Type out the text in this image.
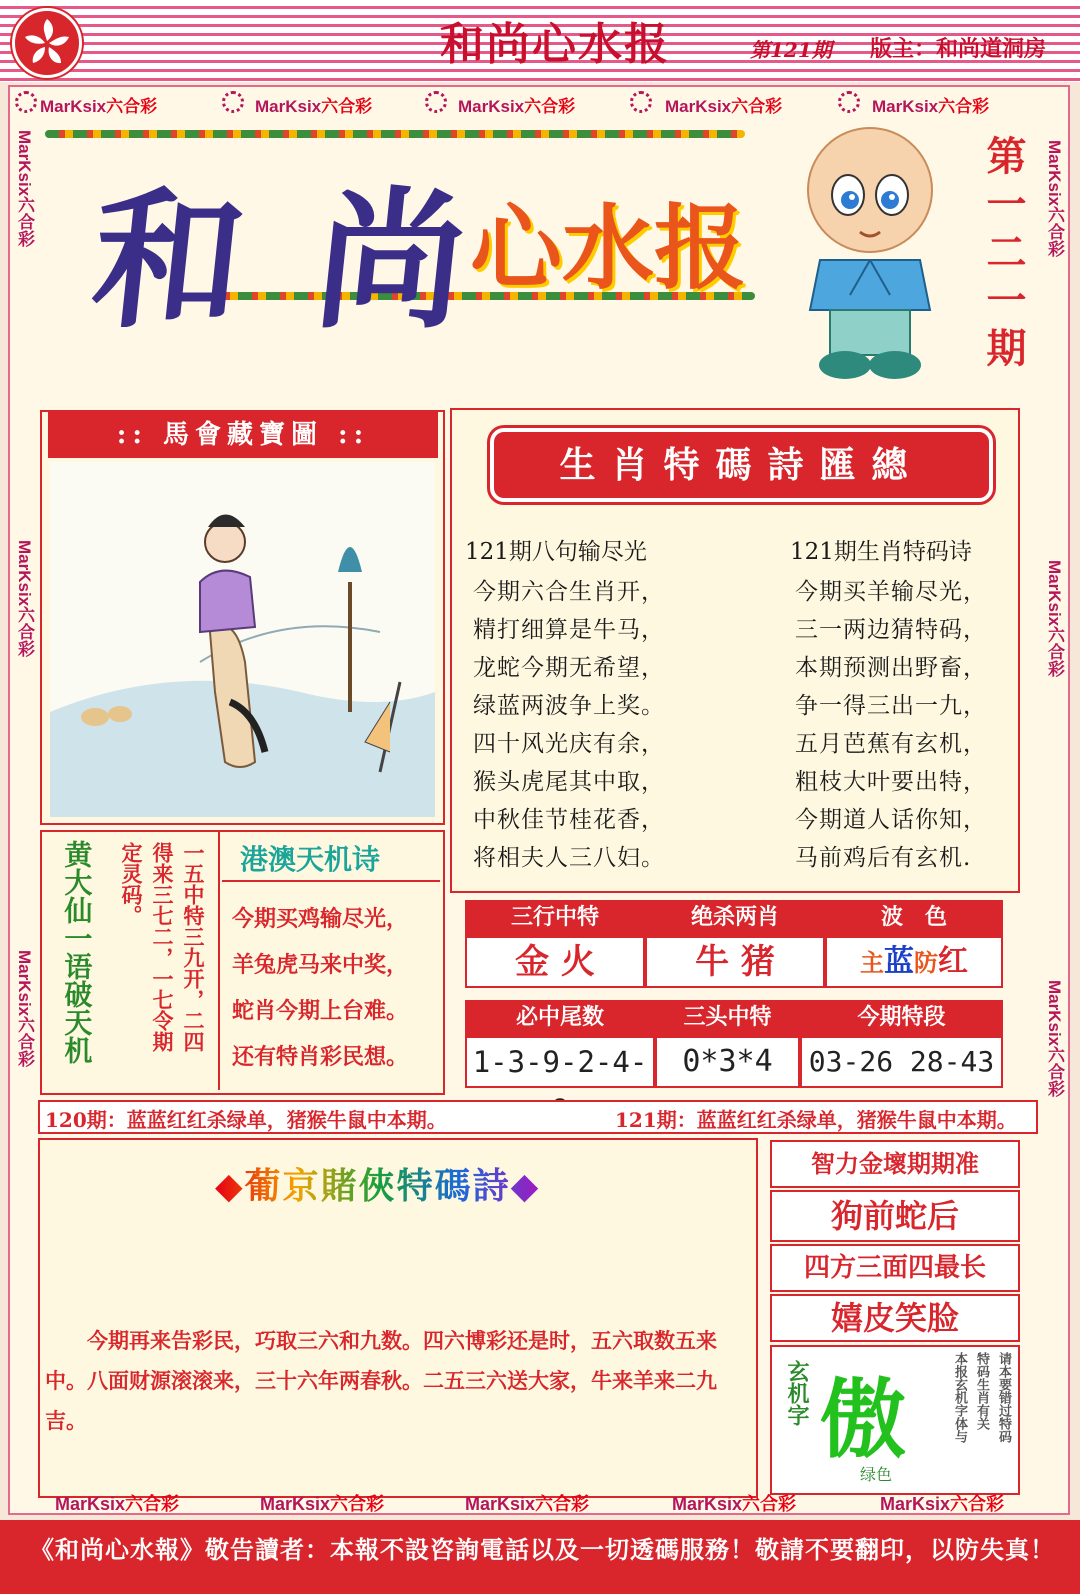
和尚心水报	第121期 版主：和尚道洞房
MarKsix六合彩	MarKsix六合彩	MarKsix六合彩	MarKsix六合彩	MarKsix六合彩
MarKsix六合彩
MarKsix六合彩
MarKsix六合彩
MarKsix六合彩
MarKsix六合彩
MarKsix六合彩
和 尚
心水报	第一二一期
:: 馬會藏寶圖 ::
生肖特碼詩匯總
121期八句输尽光	121期生肖特码诗
今期六合生肖开，
精打细算是牛马，
龙蛇今期无希望，
绿蓝两波争上奖。
四十风光庆有余，
猴头虎尾其中取，
中秋佳节桂花香，
将相夫人三八妇。
今期买羊输尽光，
三一两边猜特码，
本期预测出野畜，
争一得三出一九，
五月芭蕉有玄机，
粗枝大叶要出特，
今期道人话你知，
马前鸡后有玄机.
三行中特	绝杀两肖	波　色
金 火	牛 猪	主蓝防红
必中尾数	三头中特	今期特段
1-3-9-2-4-	0*3*4	03-26 28-43
黄大仙一语破天机	一五中特三九开，二四
得来三七二，一七令期
定灵码。	港澳天机诗
今期买鸡输尽光，
羊兔虎马来中奖，
蛇肖今期上台难。
还有特肖彩民想。
120期：蓝蓝红红杀绿单，猪猴牛鼠中本期。	121期：蓝蓝红红杀绿单，猪猴牛鼠中本期。
◆葡京賭俠特碼詩◆
　　今期再来告彩民，巧取三六和九数。四六博彩还是时，五六取数五来
中。八面财源滚滚来，三十六年两春秋。二五三六送大家，牛来羊来二九
吉。
智力金壞期期准
狗前蛇后
四方三面四最长
嬉皮笑脸
玄机字 傲
绿色
本报玄机字体与 特码生肖有关 请本要错过特码
MarKsix六合彩	MarKsix六合彩	MarKsix六合彩	MarKsix六合彩	MarKsix六合彩
《和尚心水報》敬告讀者：本報不設咨詢電話以及一切透碼服務！敬請不要翻印，以防失真！
